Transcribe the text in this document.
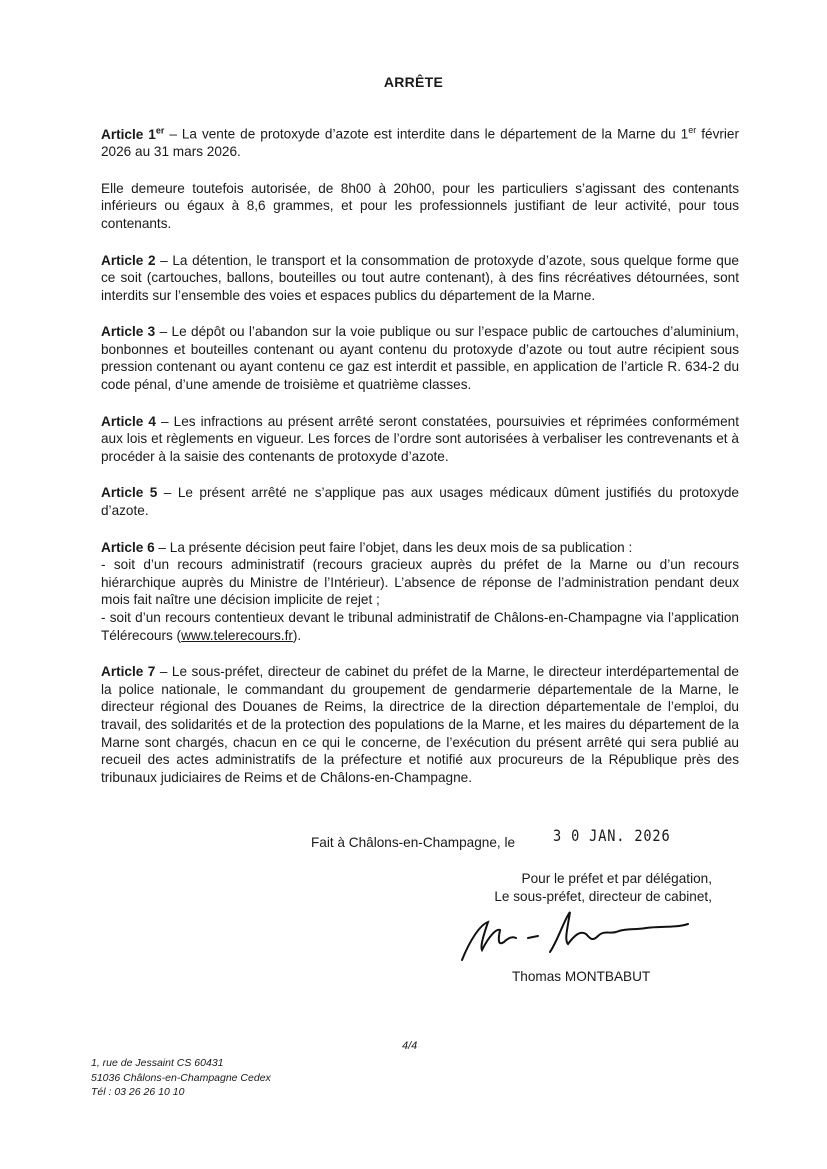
ARRÊTE

Article 1er – La vente de protoxyde d’azote est interdite dans le département de la Marne du 1er février 2026 au 31 mars 2026.

Elle demeure toutefois autorisée, de 8h00 à 20h00, pour les particuliers s’agissant des contenants inférieurs ou égaux à 8,6 grammes, et pour les professionnels justifiant de leur activité, pour tous contenants.

Article 2 – La détention, le transport et la consommation de protoxyde d’azote, sous quelque forme que ce soit (cartouches, ballons, bouteilles ou tout autre contenant), à des fins récréatives détournées, sont interdits sur l’ensemble des voies et espaces publics du département de la Marne.

Article 3 – Le dépôt ou l’abandon sur la voie publique ou sur l’espace public de cartouches d’aluminium, bonbonnes et bouteilles contenant ou ayant contenu du protoxyde d’azote ou tout autre récipient sous pression contenant ou ayant contenu ce gaz est interdit et passible, en application de l’article R. 634-2 du code pénal, d’une amende de troisième et quatrième classes.

Article 4 – Les infractions au présent arrêté seront constatées, poursuivies et réprimées conformément aux lois et règlements en vigueur. Les forces de l’ordre sont autorisées à verbaliser les contrevenants et à procéder à la saisie des contenants de protoxyde d’azote.

Article 5 – Le présent arrêté ne s’applique pas aux usages médicaux dûment justifiés du protoxyde d’azote.

Article 6 – La présente décision peut faire l’objet, dans les deux mois de sa publication :

- soit d’un recours administratif (recours gracieux auprès du préfet de la Marne ou d’un recours hiérarchique auprès du Ministre de l’Intérieur). L’absence de réponse de l’administration pendant deux mois fait naître une décision implicite de rejet ;

- soit d’un recours contentieux devant le tribunal administratif de Châlons-en-Champagne via l’application Télérecours (www.telerecours.fr).

Article 7 – Le sous-préfet, directeur de cabinet du préfet de la Marne, le directeur interdépartemental de la police nationale, le commandant du groupement de gendarmerie départementale de la Marne, le directeur régional des Douanes de Reims, la directrice de la direction départementale de l’emploi, du travail, des solidarités et de la protection des populations de la Marne, et les maires du département de la Marne sont chargés, chacun en ce qui le concerne, de l’exécution du présent arrêté qui sera publié au recueil des actes administratifs de la préfecture et notifié aux procureurs de la République près des tribunaux judiciaires de Reims et de Châlons-en-Champagne.

Fait à Châlons-en-Champagne, le 3 0 JAN. 2026
Pour le préfet et par délégation,
Le sous-préfet, directeur de cabinet,
Thomas MONTBABUT
4/4
1, rue de Jessaint CS 60431
51036 Châlons-en-Champagne Cedex
Tél : 03 26 26 10 10
